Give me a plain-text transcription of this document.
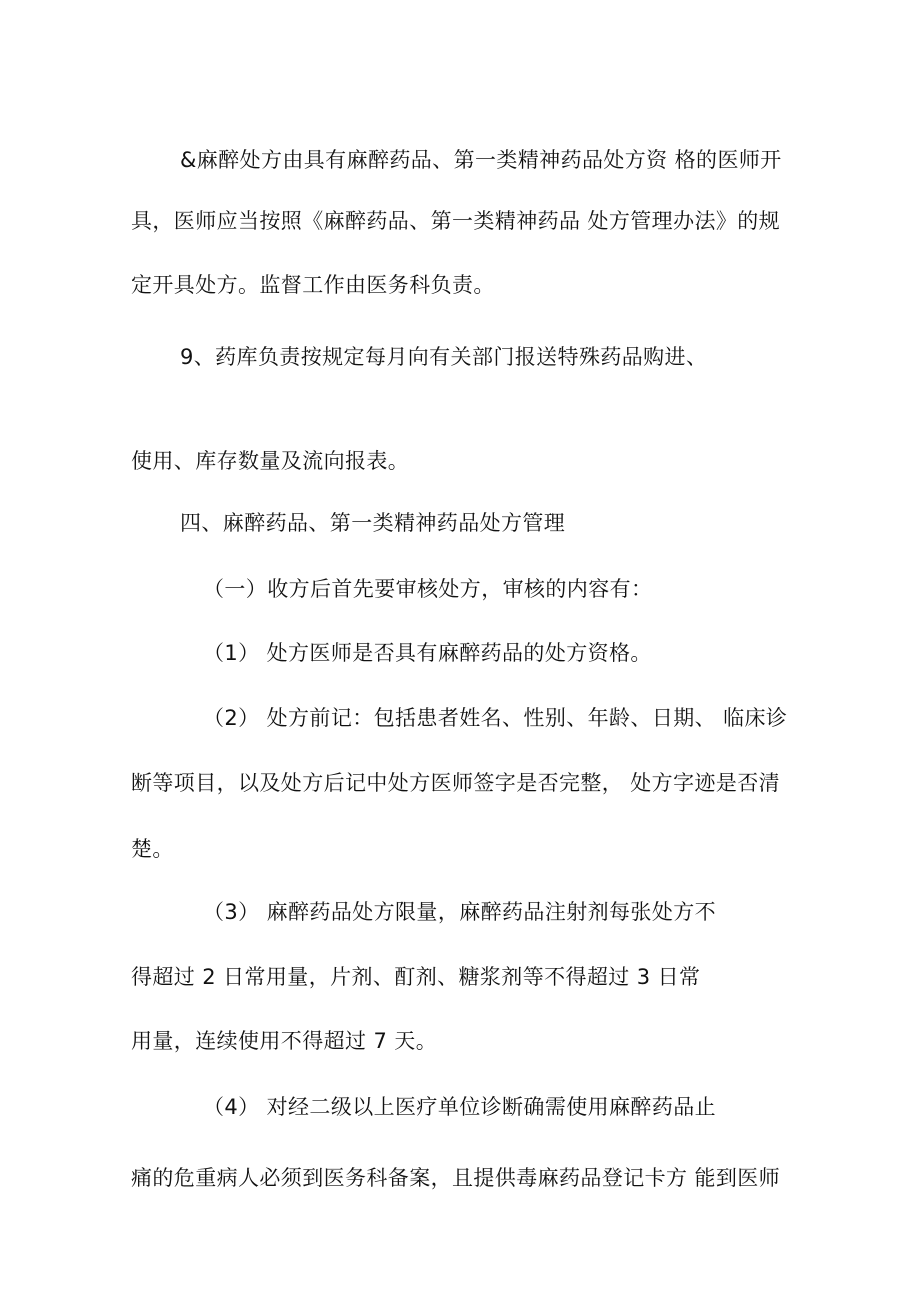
&麻醉处方由具有麻醉药品、第一类精神药品处方资 格的医师开
具，医师应当按照《麻醉药品、第一类精神药品 处方管理办法》的规
定开具处方。监督工作由医务科负责。
9、药库负责按规定每月向有关部门报送特殊药品购进、
使用、库存数量及流向报表。
四、麻醉药品、第一类精神药品处方管理
（一）收方后首先要审核处方，审核的内容有：
（1） 处方医师是否具有麻醉药品的处方资格。
（2） 处方前记：包括患者姓名、性别、年龄、日期、 临床诊
断等项目，以及处方后记中处方医师签字是否完整， 处方字迹是否清
楚。
（3） 麻醉药品处方限量，麻醉药品注射剂每张处方不
得超过 2 日常用量，片剂、酊剂、糖浆剂等不得超过 3 日常
用量，连续使用不得超过 7 天。
（4） 对经二级以上医疗单位诊断确需使用麻醉药品止
痛的危重病人必须到医务科备案，且提供毒麻药品登记卡方 能到医师
